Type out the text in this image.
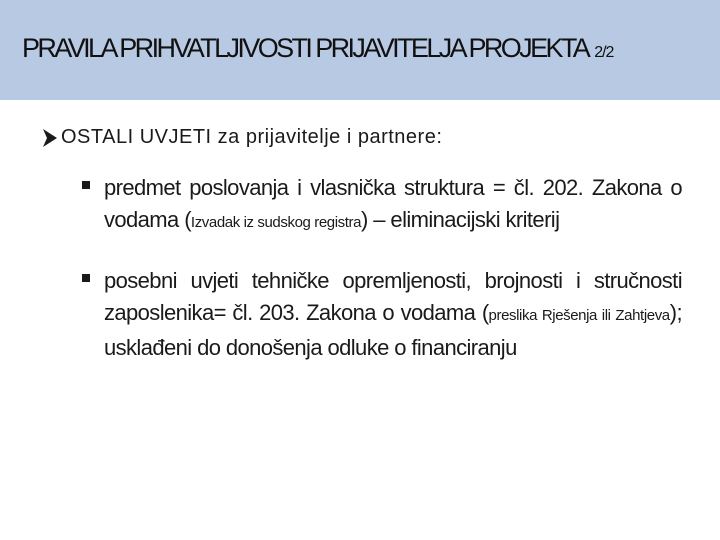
PRAVILA PRIHVATLJIVOSTI PRIJAVITELJA PROJEKTA 2/2
OSTALI UVJETI za prijavitelje i partnere:
predmet poslovanja i vlasnička struktura = čl. 202. Zakona o vodama (Izvadak iz sudskog registra) – eliminacijski kriterij
posebni uvjeti tehničke opremljenosti, brojnosti i stručnosti zaposlenika= čl. 203. Zakona o vodama (preslika Rješenja ili Zahtjeva); usklađeni do donošenja odluke o financiranju
